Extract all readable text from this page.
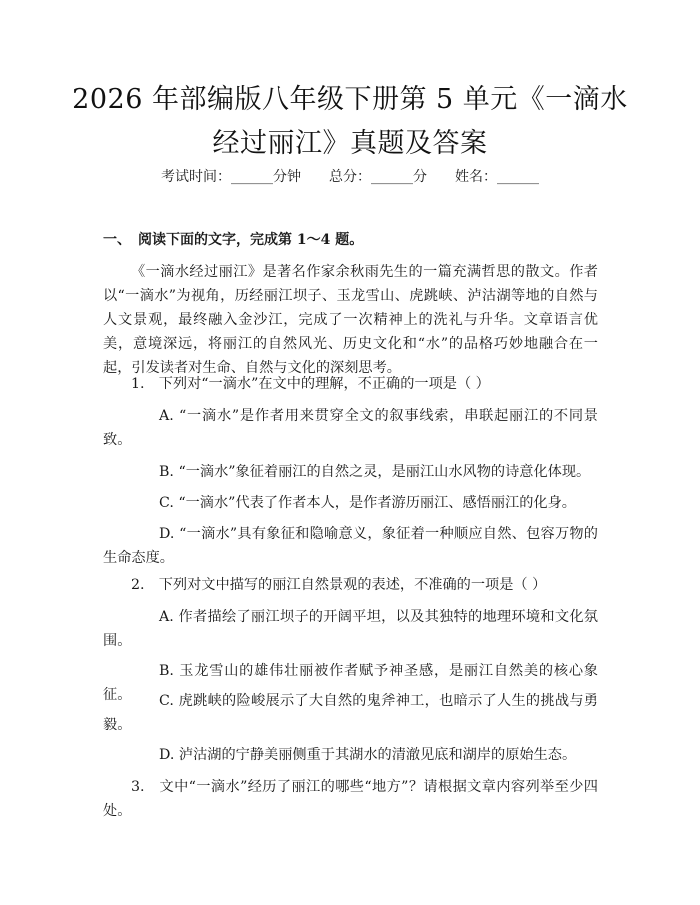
2026 年部编版八年级下册第 5 单元《一滴水
经过丽江》真题及答案
考试时间：______分钟　　总分：______分　　姓名：______
一、　阅读下面的文字，完成第 1～4 题。
《一滴水经过丽江》是著名作家余秋雨先生的一篇充满哲思的散文。作者以“一滴水”为视角，历经丽江坝子、玉龙雪山、虎跳峡、泸沽湖等地的自然与人文景观，最终融入金沙江，完成了一次精神上的洗礼与升华。文章语言优美，意境深远，将丽江的自然风光、历史文化和“水”的品格巧妙地融合在一起，引发读者对生命、自然与文化的深刻思考。
1.　下列对“一滴水”在文中的理解，不正确的一项是（ ）
A. “一滴水”是作者用来贯穿全文的叙事线索，串联起丽江的不同景致。
B. “一滴水”象征着丽江的自然之灵，是丽江山水风物的诗意化体现。
C. “一滴水”代表了作者本人，是作者游历丽江、感悟丽江的化身。
D. “一滴水”具有象征和隐喻意义，象征着一种顺应自然、包容万物的生命态度。
2.　下列对文中描写的丽江自然景观的表述，不准确的一项是（ ）
A. 作者描绘了丽江坝子的开阔平坦，以及其独特的地理环境和文化氛围。
B. 玉龙雪山的雄伟壮丽被作者赋予神圣感，是丽江自然美的核心象征。	C. 虎跳峡的险峻展示了大自然的鬼斧神工，也暗示了人生的挑战与勇毅。
D. 泸沽湖的宁静美丽侧重于其湖水的清澈见底和湖岸的原始生态。
3.　文中“一滴水”经历了丽江的哪些“地方”？请根据文章内容列举至少四处。
